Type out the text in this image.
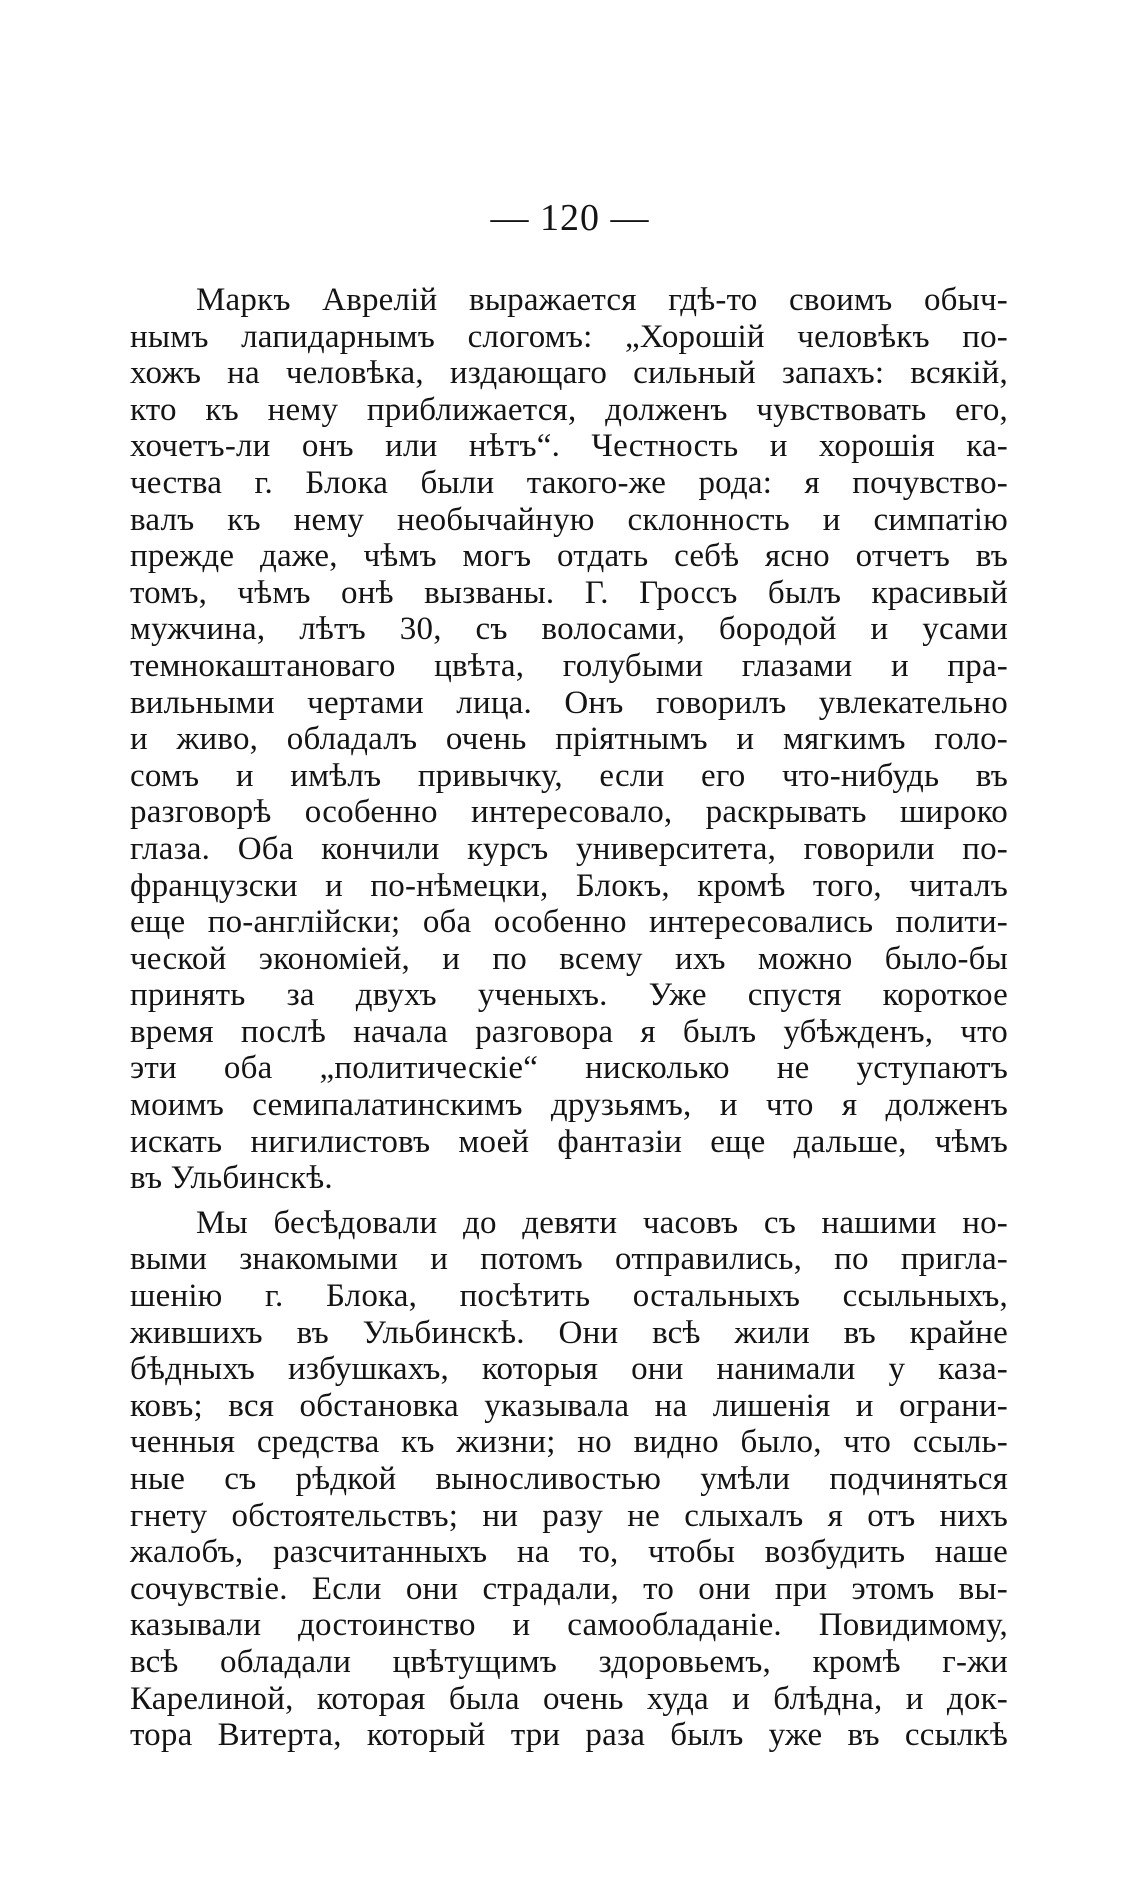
— 120 —
Маркъ Аврелій выражается гдѣ-то своимъ обыч-
нымъ лапидарнымъ слогомъ: „Хорошій человѣкъ по-
хожъ на человѣка, издающаго сильный запахъ: всякій,
кто къ нему приближается, долженъ чувствовать его,
хочетъ-ли онъ или нѣтъ“. Честность и хорошія ка-
чества г. Блока были такого-же рода: я почувство-
валъ къ нему необычайную склонность и симпатію
прежде даже, чѣмъ могъ отдать себѣ ясно отчетъ въ
томъ, чѣмъ онѣ вызваны. Г. Гроссъ былъ красивый
мужчина, лѣтъ 30, съ волосами, бородой и усами
темнокаштановаго цвѣта, голубыми глазами и пра-
вильными чертами лица. Онъ говорилъ увлекательно
и живо, обладалъ очень пріятнымъ и мягкимъ голо-
сомъ и имѣлъ привычку, если его что-нибудь въ
разговорѣ особенно интересовало, раскрывать широко
глаза. Оба кончили курсъ университета, говорили по-
французски и по-нѣмецки, Блокъ, кромѣ того, читалъ
еще по-англійски; оба особенно интересовались полити-
ческой экономіей, и по всему ихъ можно было-бы
принять за двухъ ученыхъ. Уже спустя короткое
время послѣ начала разговора я былъ убѣжденъ, что
эти оба „политическіе“ нисколько не уступаютъ
моимъ семипалатинскимъ друзьямъ, и что я долженъ
искать нигилистовъ моей фантазіи еще дальше, чѣмъ
въ Ульбинскѣ.
Мы бесѣдовали до девяти часовъ съ нашими но-
выми знакомыми и потомъ отправились, по пригла-
шенію г. Блока, посѣтить остальныхъ ссыльныхъ,
жившихъ въ Ульбинскѣ. Они всѣ жили въ крайне
бѣдныхъ избушкахъ, которыя они нанимали у каза-
ковъ; вся обстановка указывала на лишенія и ограни-
ченныя средства къ жизни; но видно было, что ссыль-
ные съ рѣдкой выносливостью умѣли подчиняться
гнету обстоятельствъ; ни разу не слыхалъ я отъ нихъ
жалобъ, разсчитанныхъ на то, чтобы возбудить наше
сочувствіе. Если они страдали, то они при этомъ вы-
казывали достоинство и самообладаніе. Повидимому,
всѣ обладали цвѣтущимъ здоровьемъ, кромѣ г-жи
Карелиной, которая была очень худа и блѣдна, и док-
тора Витерта, который три раза былъ уже въ ссылкѣ
